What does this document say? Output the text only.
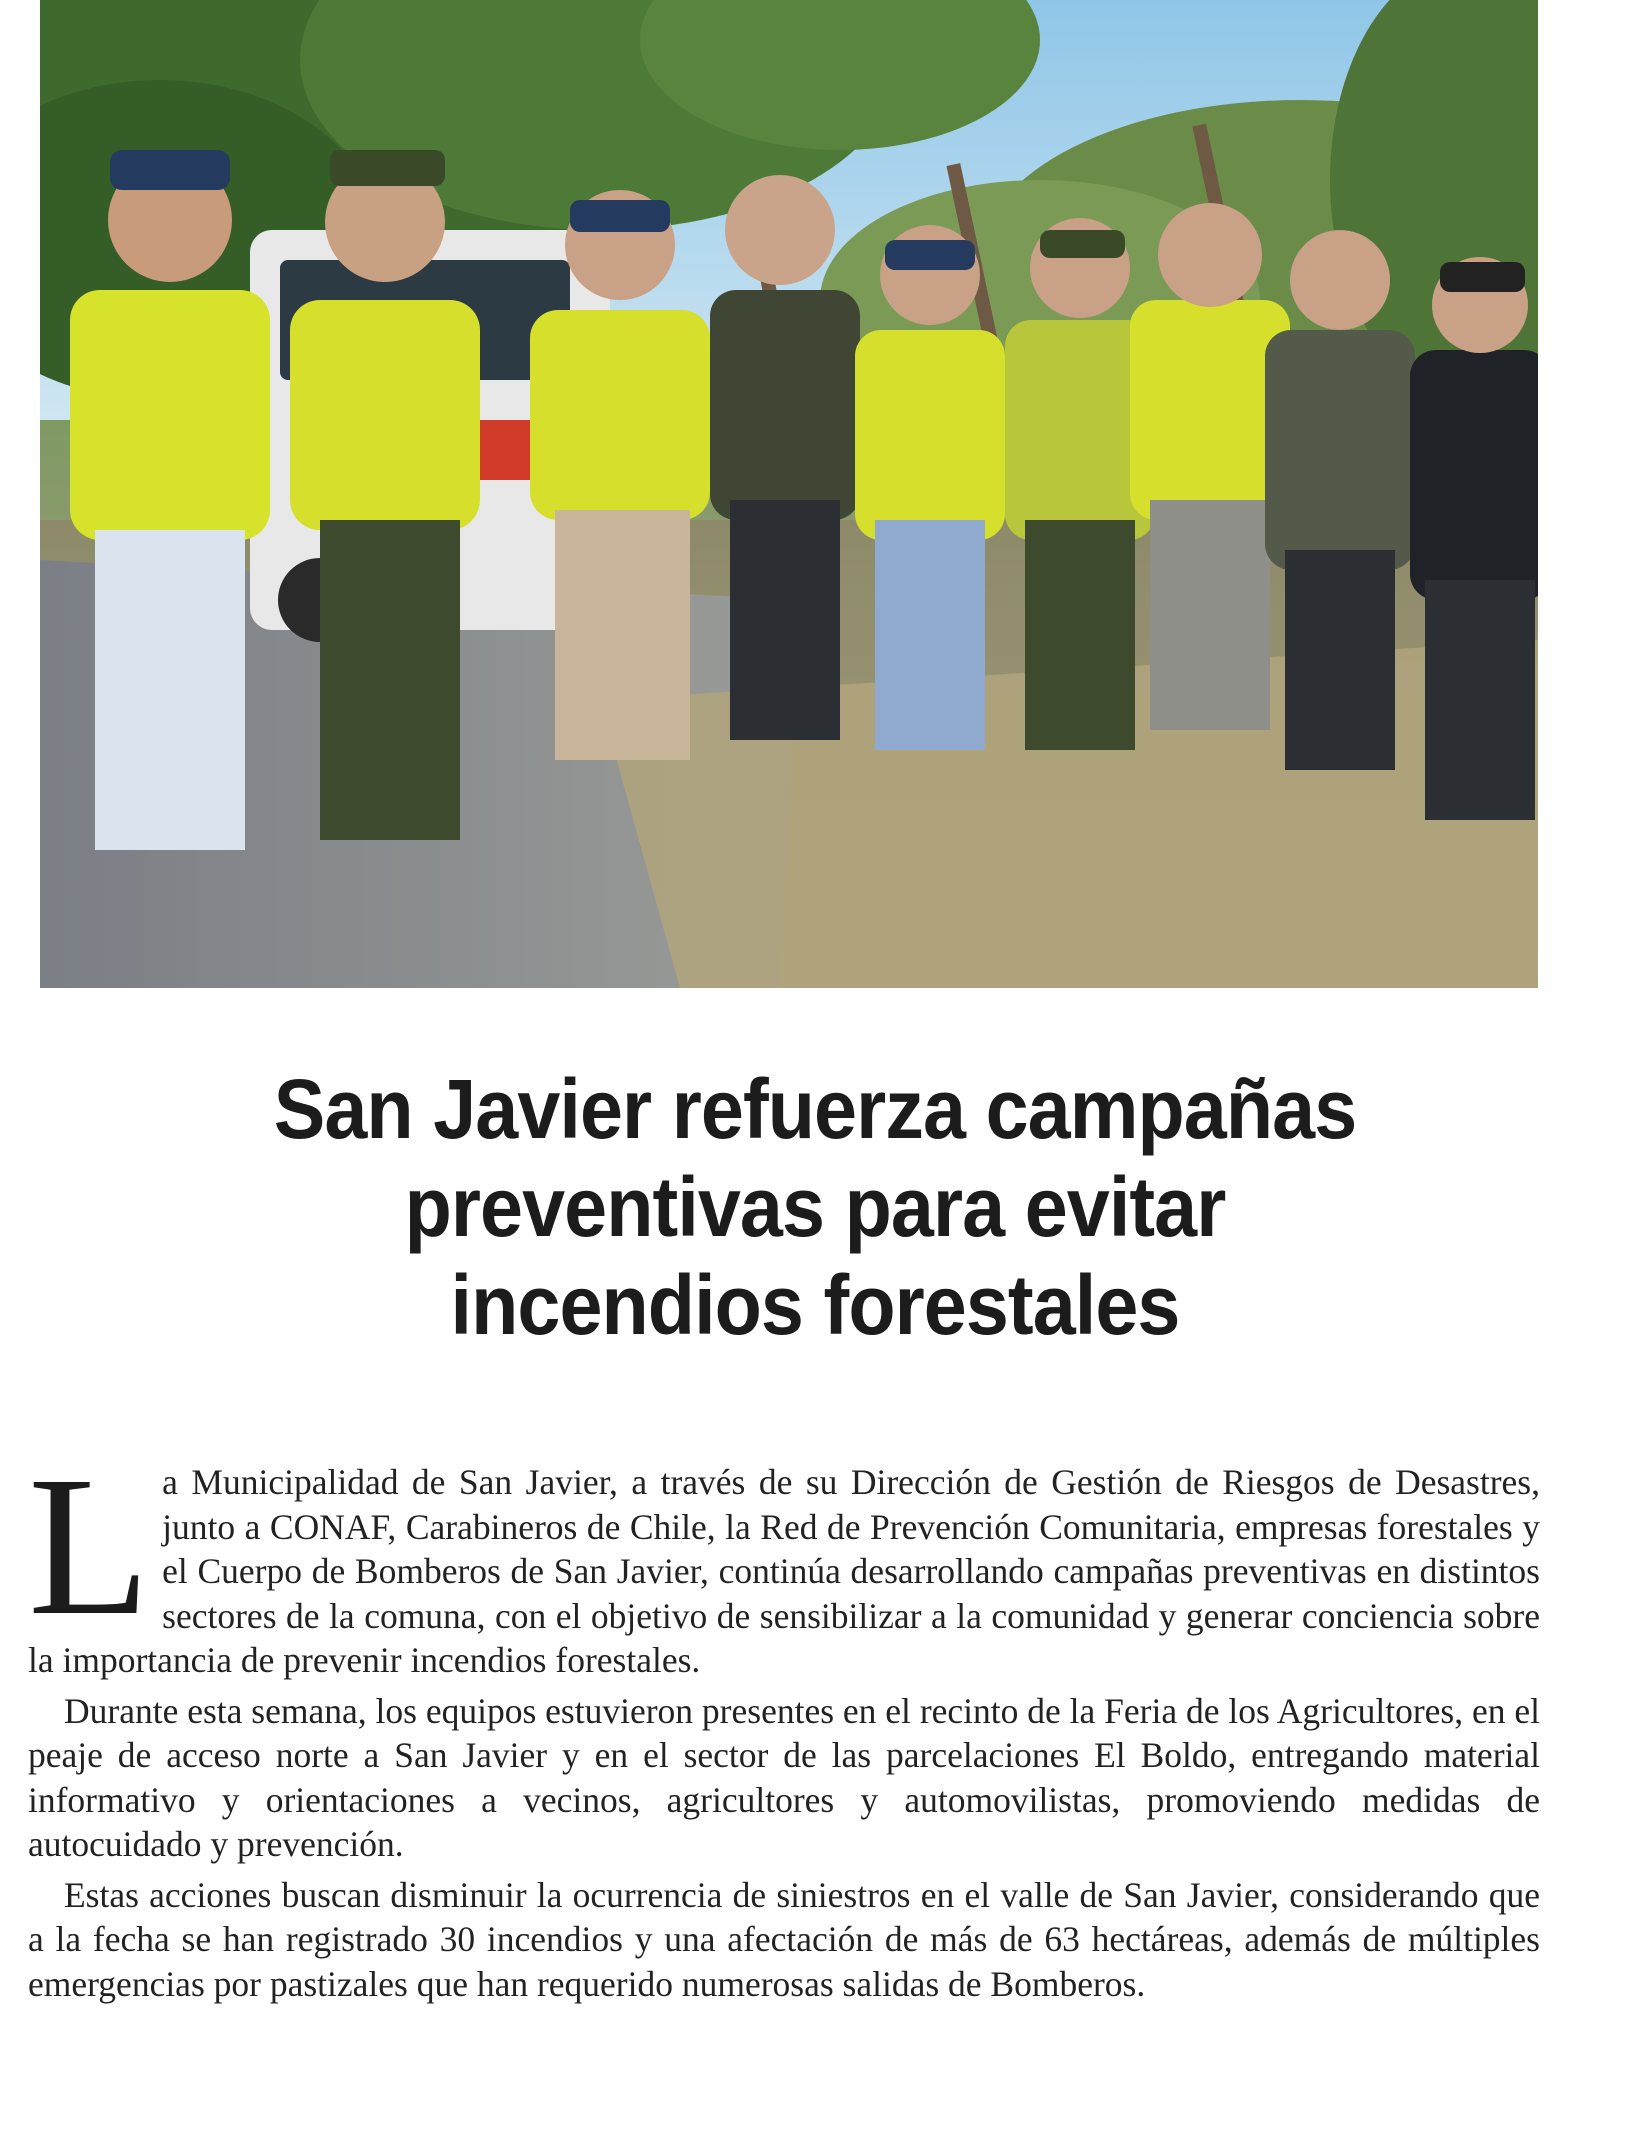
San Javier refuerza campañas
preventivas para evitar
incendios forestales
L a Municipalidad de San Javier, a través de su Dirección de Gestión de Riesgos de Desastres, junto a CONAF, Carabineros de Chile, la Red de Prevención Comunitaria, empresas forestales y el Cuerpo de Bomberos de San Javier, continúa desarrollando campañas preventivas en distintos sectores de la comuna, con el objetivo de sensibilizar a la comunidad y generar conciencia sobre la importancia de prevenir incendios forestales.

Durante esta semana, los equipos estuvieron presentes en el recinto de la Feria de los Agricultores, en el peaje de acceso norte a San Javier y en el sector de las parcelaciones El Boldo, entregando material informativo y orientaciones a vecinos, agricultores y automovilistas, promoviendo medidas de autocuidado y prevención.

Estas acciones buscan disminuir la ocurrencia de siniestros en el valle de San Javier, considerando que a la fecha se han registrado 30 incendios y una afectación de más de 63 hectáreas, además de múltiples emergencias por pastizales que han requerido numerosas salidas de Bomberos.
